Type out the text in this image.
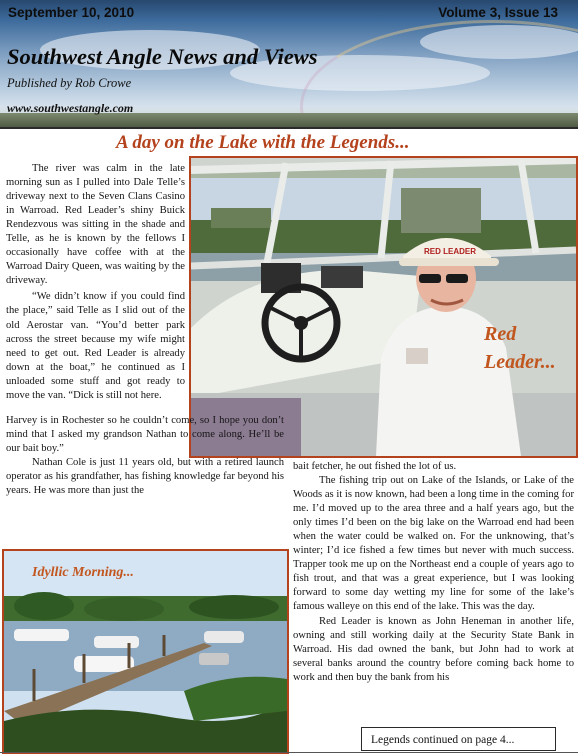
September 10, 2010	Volume 3, Issue 13
Southwest Angle News and Views
Published by Rob Crowe
www.southwestangle.com
A day on the Lake with the Legends...
RED LEADER
Red
Leader...
Idyllic Morning...

The river was calm in the late morning sun as I pulled into Dale Telle’s driveway next to the Seven Clans Casino in Warroad. Red Leader’s shiny Buick Rendezvous was sitting in the shade and Telle, as he is known by the fellows I occasionally have coffee with at the Warroad Dairy Queen, was waiting by the driveway.

“We didn’t know if you could find the place,” said Telle as I slid out of the old Aerostar van. “You’d better park across the street because my wife might need to get out. Red Leader is already down at the boat,” he continued as I unloaded some stuff and got ready to move the van. “Dick is still not here.

Harvey is in Rochester so he couldn’t come, so I hope you don’t mind that I asked my grandson Nathan to come along. He’ll be our bait boy.”

Nathan Cole is just 11 years old, but with a retired launch operator as his grandfather, has fishing knowledge far beyond his years. He was more than just the

bait fetcher, he out fished the lot of us.

The fishing trip out on Lake of the Islands, or Lake of the Woods as it is now known, had been a long time in the coming for me. I’d moved up to the area three and a half years ago, but the only times I’d been on the big lake on the Warroad end had been when the water could be walked on. For the unknowing, that’s winter; I’d ice fished a few times but never with much success. Trapper took me up on the Northeast end a couple of years ago to fish trout, and that was a great experience, but I was looking forward to some day wetting my line for some of the lake’s famous walleye on this end of the lake. This was the day.

Red Leader is known as John Heneman in another life, owning and still working daily at the Security State Bank in Warroad. His dad owned the bank, but John had to work at several banks around the country before coming back home to work and then buy the bank from his

Legends continued on page 4...
